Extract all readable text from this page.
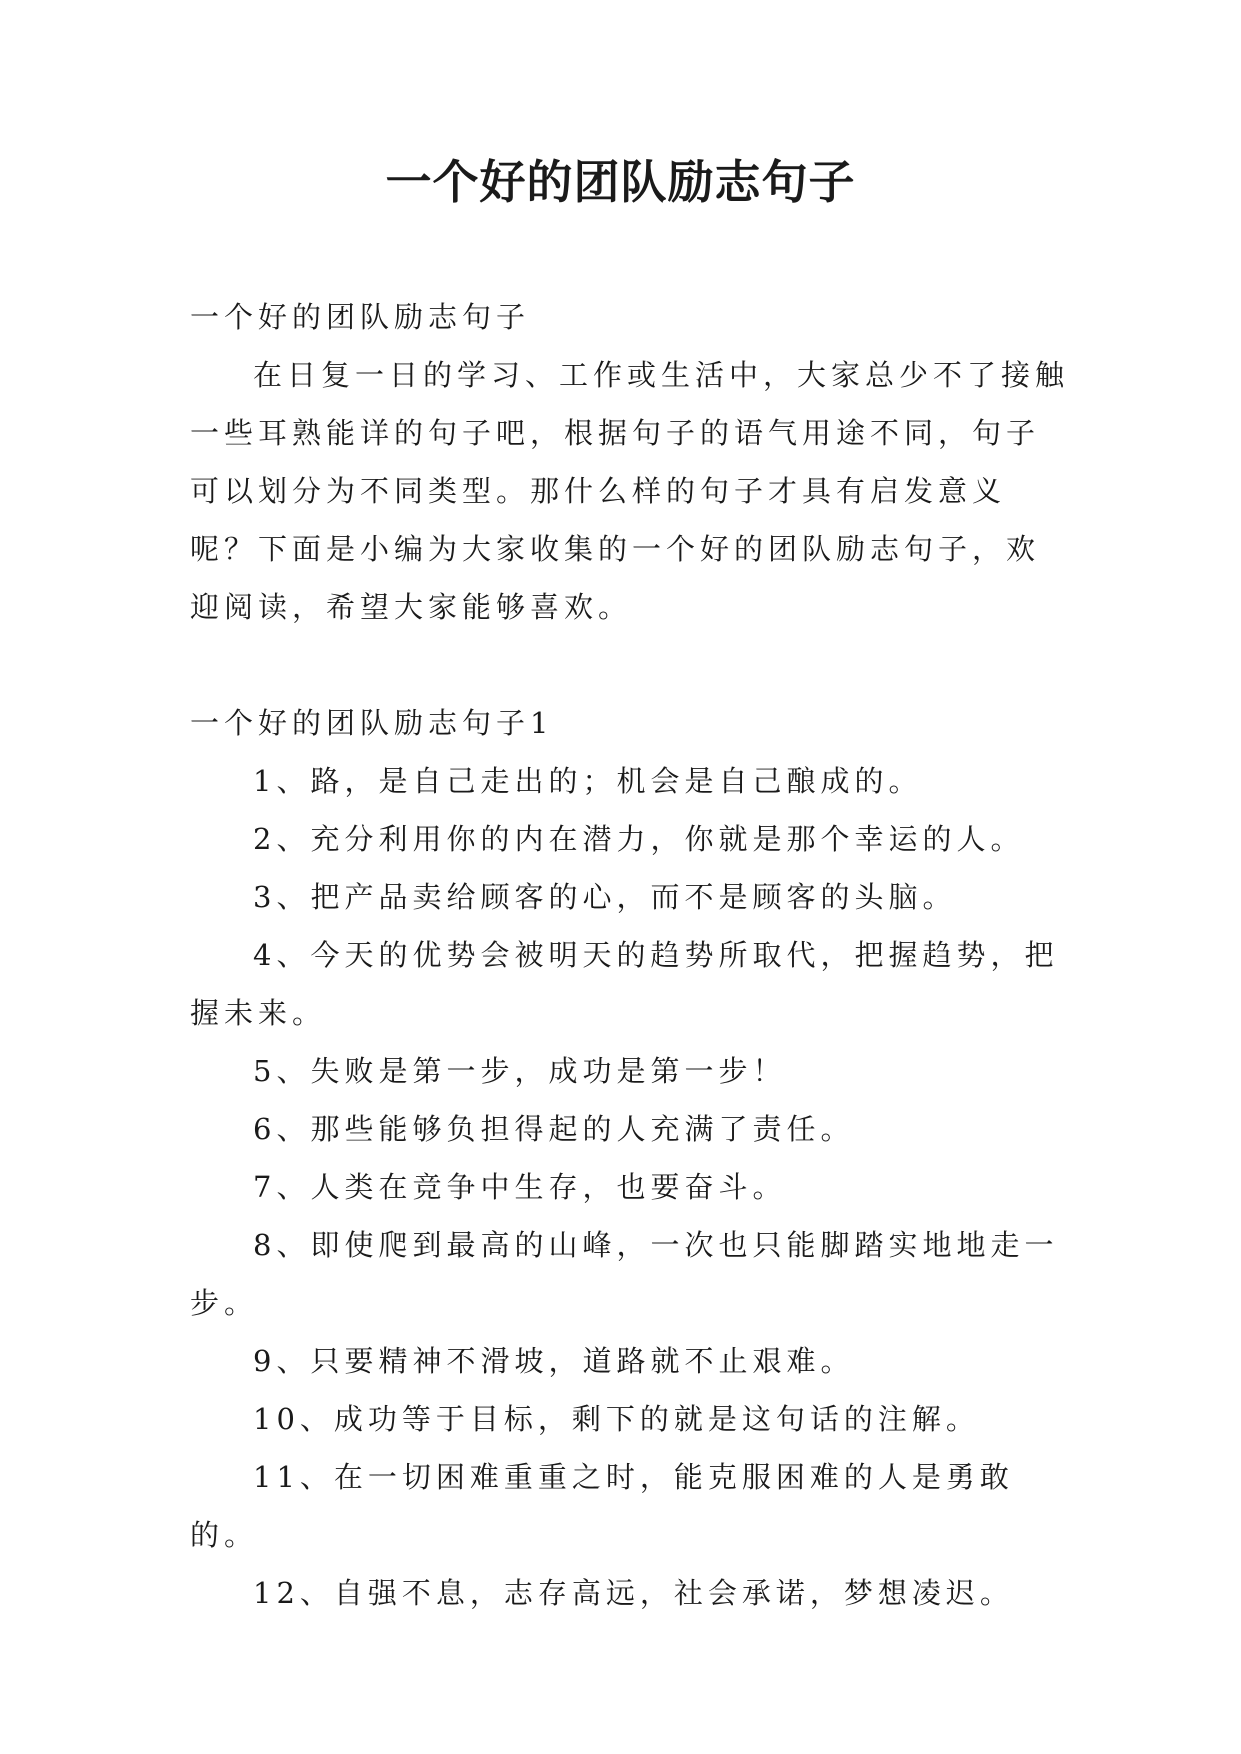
一个好的团队励志句子

一个好的团队励志句子

在日复一日的学习、工作或生活中，大家总少不了接触一些耳熟能详的句子吧，根据句子的语气用途不同，句子可以划分为不同类型。那什么样的句子才具有启发意义呢？下面是小编为大家收集的一个好的团队励志句子，欢迎阅读，希望大家能够喜欢。

一个好的团队励志句子1

1、路，是自己走出的；机会是自己酿成的。

2、充分利用你的内在潜力，你就是那个幸运的人。

3、把产品卖给顾客的心，而不是顾客的头脑。

4、今天的优势会被明天的趋势所取代，把握趋势，把握未来。

5、失败是第一步，成功是第一步！

6、那些能够负担得起的人充满了责任。

7、人类在竞争中生存，也要奋斗。

8、即使爬到最高的山峰，一次也只能脚踏实地地走一步。

9、只要精神不滑坡，道路就不止艰难。

10、成功等于目标，剩下的就是这句话的注解。

11、在一切困难重重之时，能克服困难的人是勇敢的。

12、自强不息，志存高远，社会承诺，梦想凌迟。
